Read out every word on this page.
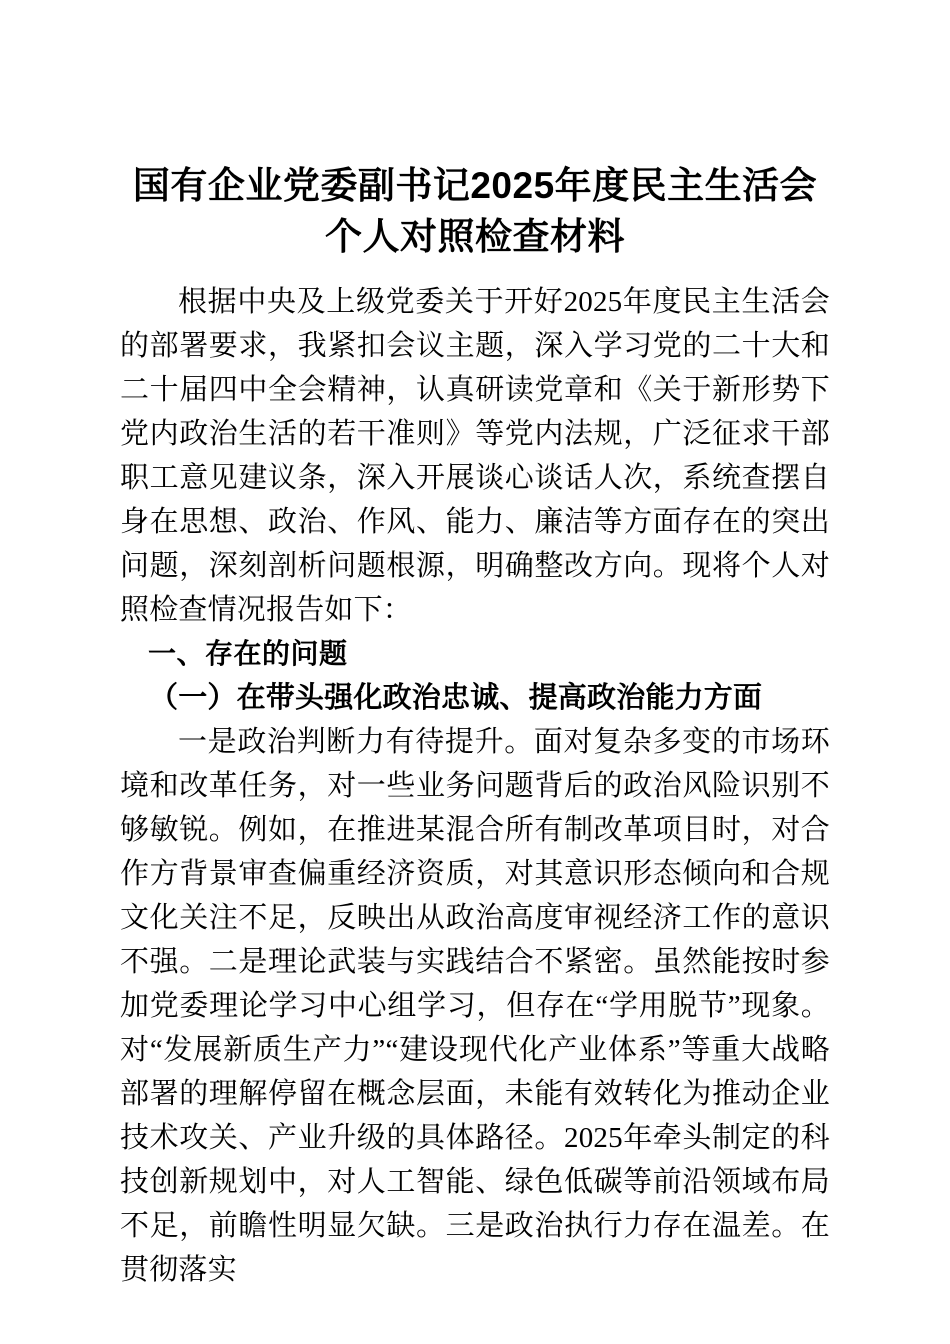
国有企业党委副书记2025年度民主生活会个人对照检查材料

根据中央及上级党委关于开好2025年度民主生活会的部署要求，我紧扣会议主题，深入学习党的二十大和二十届四中全会精神，认真研读党章和《关于新形势下党内政治生活的若干准则》等党内法规，广泛征求干部职工意见建议条，深入开展谈心谈话人次，系统查摆自身在思想、政治、作风、能力、廉洁等方面存在的突出问题，深刻剖析问题根源，明确整改方向。现将个人对照检查情况报告如下：

一、存在的问题
（一）在带头强化政治忠诚、提高政治能力方面

一是政治判断力有待提升。面对复杂多变的市场环境和改革任务，对一些业务问题背后的政治风险识别不够敏锐。例如，在推进某混合所有制改革项目时，对合作方背景审查偏重经济资质，对其意识形态倾向和合规文化关注不足，反映出从政治高度审视经济工作的意识不强。二是理论武装与实践结合不紧密。虽然能按时参加党委理论学习中心组学习，但存在“学用脱节”现象。对“发展新质生产力”“建设现代化产业体系”等重大战略部署的理解停留在概念层面，未能有效转化为推动企业技术攻关、产业升级的具体路径。2025年牵头制定的科技创新规划中，对人工智能、绿色低碳等前沿领域布局不足，前瞻性明显欠缺。三是政治执行力存在温差。在贯彻落实
